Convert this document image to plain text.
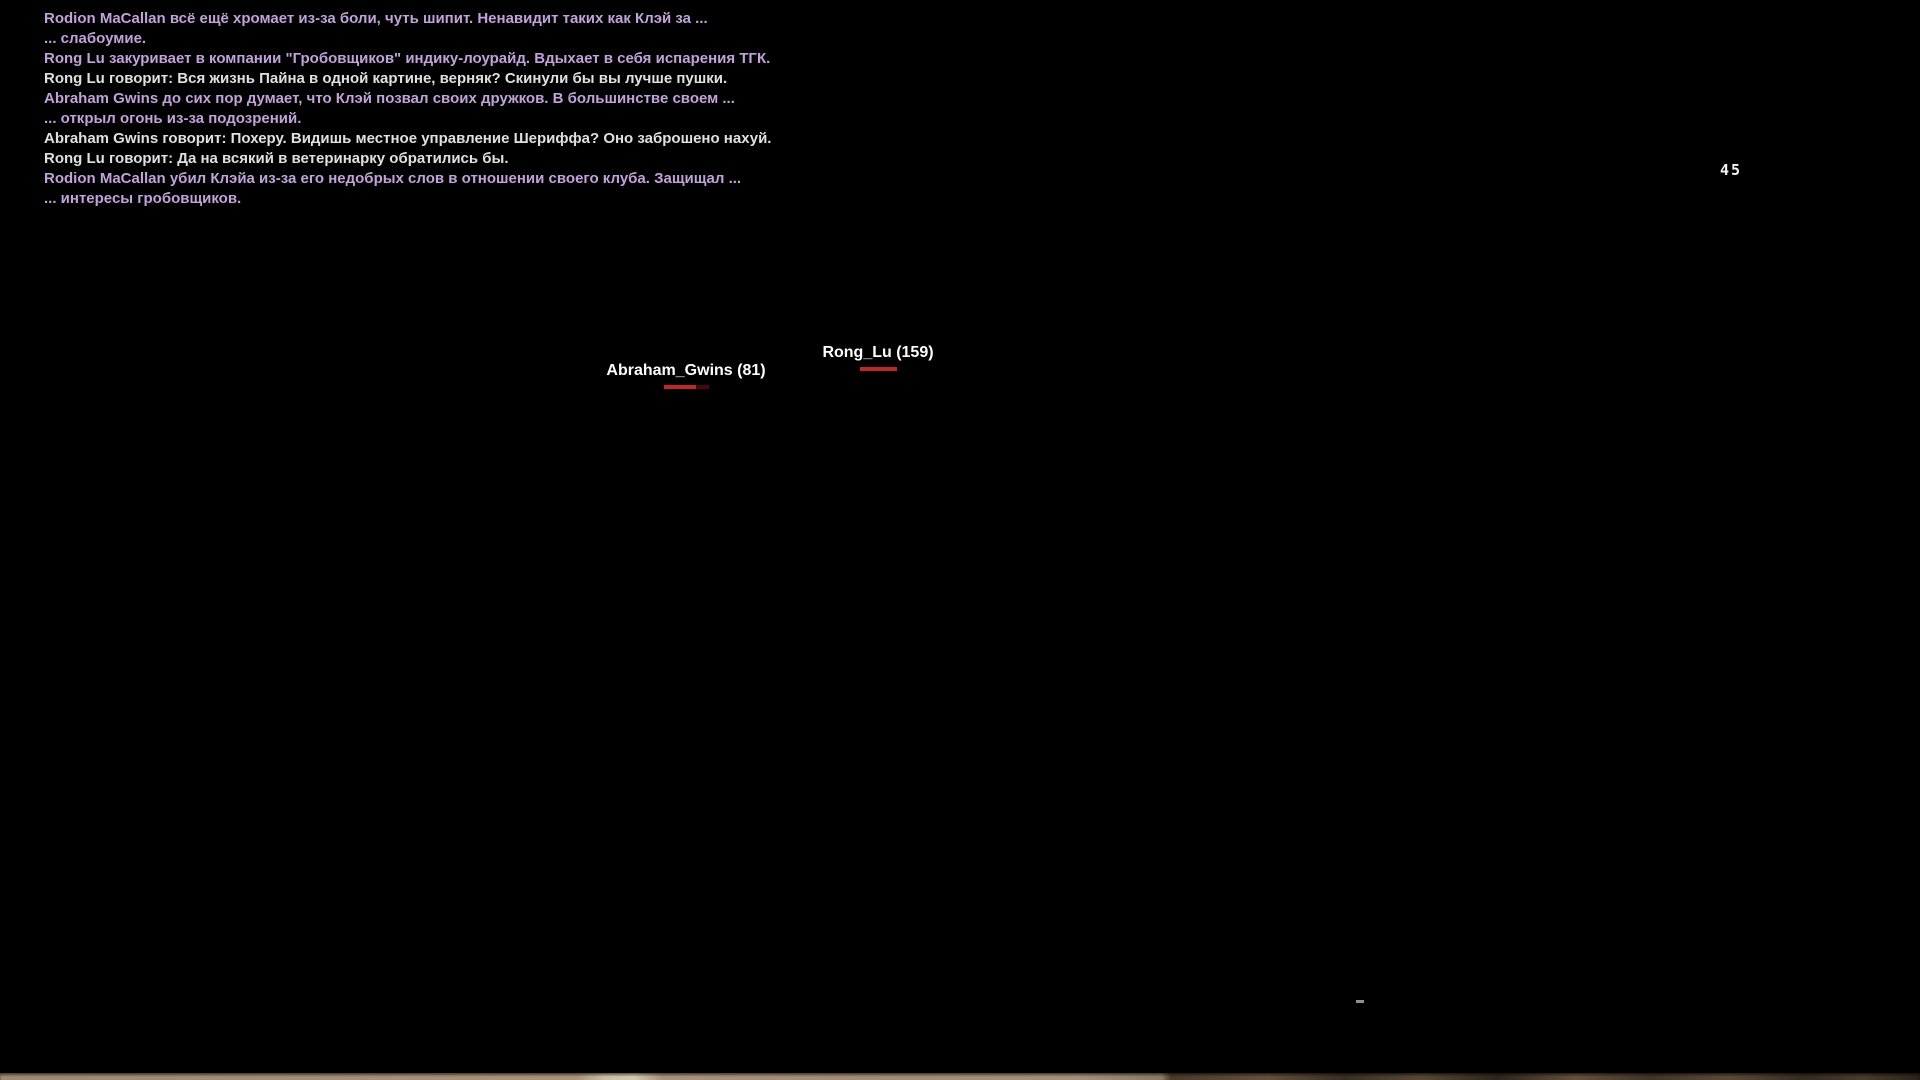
Rodion MaCallan всё ещё хромает из-за боли, чуть шипит. Ненавидит таких как Клэй за ...
... слабоумие.
Rong Lu закуривает в компании "Гробовщиков" индику-лоурайд. Вдыхает в себя испарения ТГК.
Rong Lu говорит: Вся жизнь Пайна в одной картине, верняк? Скинули бы вы лучше пушки.
Abraham Gwins до сих пор думает, что Клэй позвал своих дружков. В большинстве своем ...
... открыл огонь из-за подозрений.
Abraham Gwins говорит: Похеру. Видишь местное управление Шериффа? Оно заброшено нахуй.
Rong Lu говорит: Да на всякий в ветеринарку обратились бы.
Rodion MaCallan убил Клэйа из-за его недобрых слов в отношении своего клуба. Защищал ...
... интересы гробовщиков.
Abraham_Gwins (81)
Rong_Lu (159)
45
